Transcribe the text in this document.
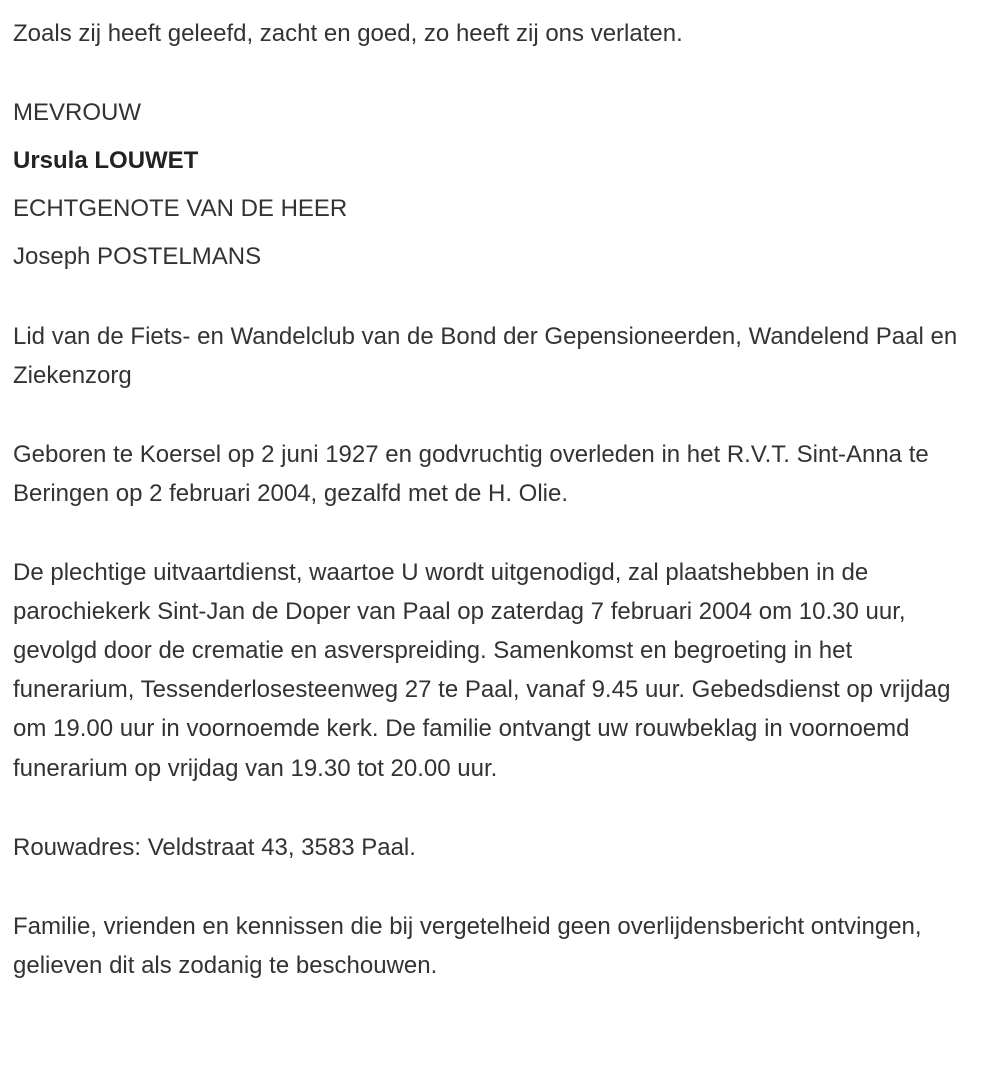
Zoals zij heeft geleefd, zacht en goed, zo heeft zij ons verlaten.

MEVROUW

Ursula LOUWET

ECHTGENOTE VAN DE HEER

Joseph POSTELMANS

Lid van de Fiets- en Wandelclub van de Bond der Gepensioneerden, Wandelend Paal en Ziekenzorg

Geboren te Koersel op 2 juni 1927 en godvruchtig overleden in het R.V.T. Sint-Anna te Beringen op 2 februari 2004, gezalfd met de H. Olie.

De plechtige uitvaartdienst, waartoe U wordt uitgenodigd, zal plaatshebben in de parochiekerk Sint-Jan de Doper van Paal op zaterdag 7 februari 2004 om 10.30 uur, gevolgd door de crematie en asverspreiding. Samenkomst en begroeting in het funerarium, Tessenderlosesteenweg 27 te Paal, vanaf 9.45 uur. Gebedsdienst op vrijdag om 19.00 uur in voornoemde kerk. De familie ontvangt uw rouwbeklag in voornoemd funerarium op vrijdag van 19.30 tot 20.00 uur.

Rouwadres: Veldstraat 43, 3583 Paal.

Familie, vrienden en kennissen die bij vergetelheid geen overlijdensbericht ontvingen, gelieven dit als zodanig te beschouwen.
